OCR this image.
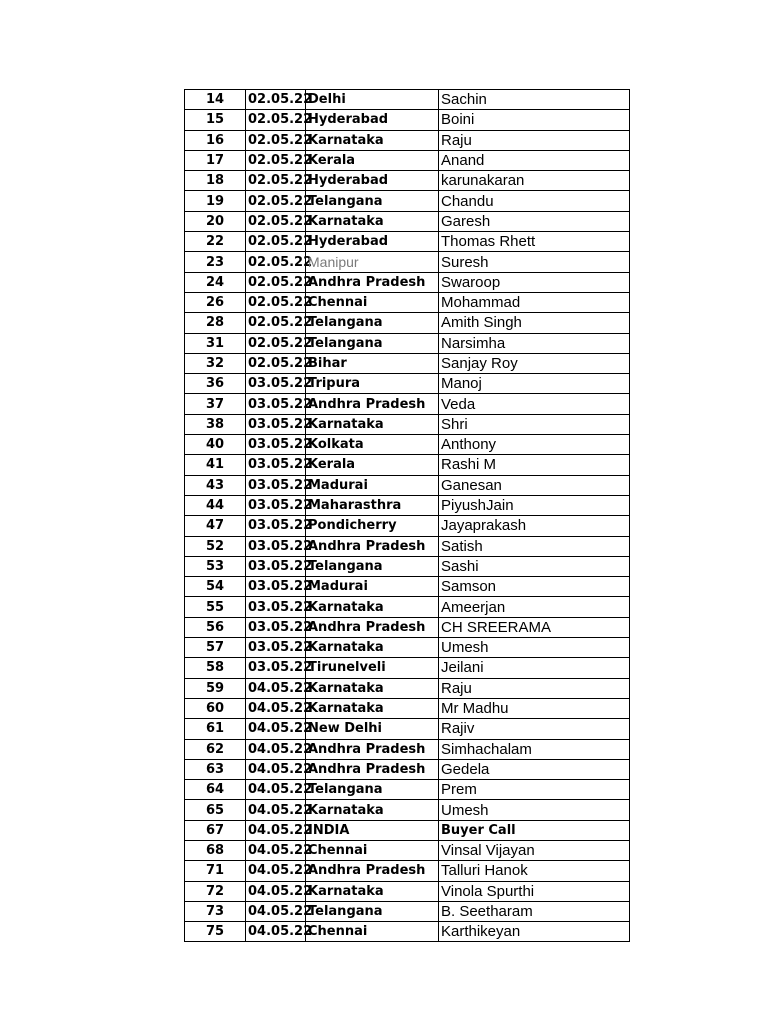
14	02.05.22	Delhi	Sachin
15	02.05.22	Hyderabad	Boini
16	02.05.22	Karnataka	Raju
17	02.05.22	Kerala	Anand
18	02.05.22	Hyderabad	karunakaran
19	02.05.22	Telangana	Chandu
20	02.05.22	Karnataka	Garesh
22	02.05.22	Hyderabad	Thomas Rhett
23	02.05.22	Manipur	Suresh
24	02.05.22	Andhra Pradesh	Swaroop
26	02.05.22	Chennai	Mohammad
28	02.05.22	Telangana	Amith Singh
31	02.05.22	Telangana	Narsimha
32	02.05.22	Bihar	Sanjay Roy
36	03.05.22	Tripura	Manoj
37	03.05.22	Andhra Pradesh	Veda
38	03.05.22	Karnataka	Shri
40	03.05.22	Kolkata	Anthony
41	03.05.22	Kerala	Rashi M
43	03.05.22	Madurai	Ganesan
44	03.05.22	Maharasthra	PiyushJain
47	03.05.22	Pondicherry	Jayaprakash
52	03.05.22	Andhra Pradesh	Satish
53	03.05.22	Telangana	Sashi
54	03.05.22	Madurai	Samson
55	03.05.22	Karnataka	Ameerjan
56	03.05.22	Andhra Pradesh	CH SREERAMA
57	03.05.22	Karnataka	Umesh
58	03.05.22	Tirunelveli	Jeilani
59	04.05.22	Karnataka	Raju
60	04.05.22	Karnataka	Mr Madhu
61	04.05.22	New Delhi	Rajiv
62	04.05.22	Andhra Pradesh	Simhachalam
63	04.05.22	Andhra Pradesh	Gedela
64	04.05.22	Telangana	Prem
65	04.05.22	Karnataka	Umesh
67	04.05.22	INDIA	Buyer Call
68	04.05.22	Chennai	Vinsal Vijayan
71	04.05.22	Andhra Pradesh	Talluri Hanok
72	04.05.22	Karnataka	Vinola Spurthi
73	04.05.22	Telangana	B. Seetharam
75	04.05.22	Chennai	Karthikeyan
